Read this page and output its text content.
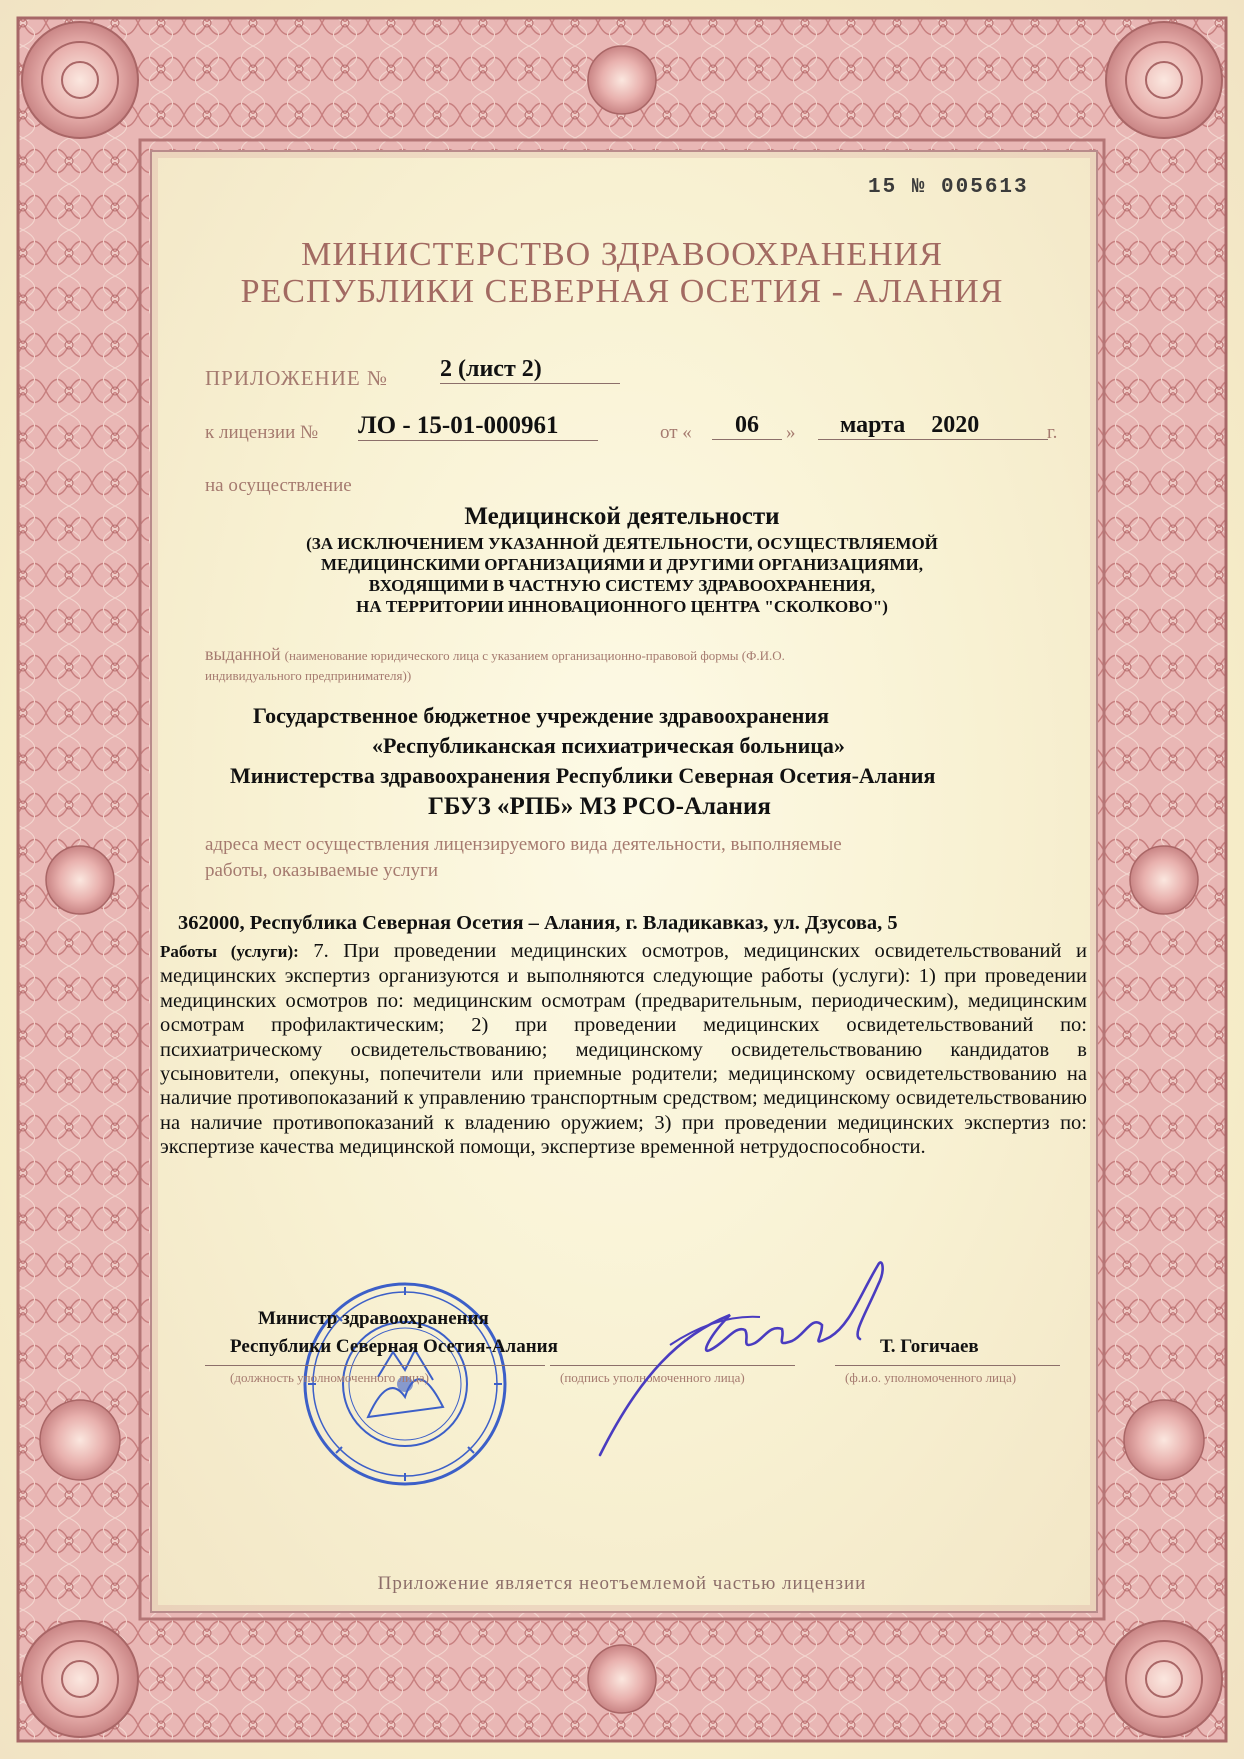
15 № 005613
МИНИСТЕРСТВО ЗДРАВООХРАНЕНИЯ
РЕСПУБЛИКИ СЕВЕРНАЯ ОСЕТИЯ - АЛАНИЯ
ПРИЛОЖЕНИЕ № 2 (лист 2)
к лицензии № ЛО - 15-01-000961	от «	06	»	марта 2020	г.
на осуществление
Медицинской деятельности
(ЗА ИСКЛЮЧЕНИЕМ УКАЗАННОЙ ДЕЯТЕЛЬНОСТИ, ОСУЩЕСТВЛЯЕМОЙ
МЕДИЦИНСКИМИ ОРГАНИЗАЦИЯМИ И ДРУГИМИ ОРГАНИЗАЦИЯМИ,
ВХОДЯЩИМИ В ЧАСТНУЮ СИСТЕМУ ЗДРАВООХРАНЕНИЯ,
НА ТЕРРИТОРИИ ИННОВАЦИОННОГО ЦЕНТРА "СКОЛКОВО")
выданной (наименование юридического лица с указанием организационно-правовой формы (Ф.И.О.
индивидуального предпринимателя))
Государственное бюджетное учреждение здравоохранения
«Республиканская психиатрическая больница»
Министерства здравоохранения Республики Северная Осетия-Алания
ГБУЗ «РПБ» МЗ РСО-Алания
адреса мест осуществления лицензируемого вида деятельности, выполняемые
работы, оказываемые услуги
362000, Республика Северная Осетия – Алания, г. Владикавказ, ул. Дзусова, 5
Работы (услуги): 7. При проведении медицинских осмотров, медицинских освидетельствований и медицинских экспертиз организуются и выполняются следующие работы (услуги): 1) при проведении медицинских осмотров по: медицинским осмотрам (предварительным, периодическим), медицинским осмотрам профилактическим; 2) при проведении медицинских освидетельствований по: психиатрическому освидетельствованию; медицинскому освидетельствованию кандидатов в усыновители, опекуны, попечители или приемные родители; медицинскому освидетельствованию на наличие противопоказаний к управлению транспортным средством; медицинскому освидетельствованию на наличие противопоказаний к владению оружием; 3) при проведении медицинских экспертиз по: экспертизе качества медицинской помощи, экспертизе временной нетрудоспособности.
Министр здравоохранения
Республики Северная Осетия-Алания	Т. Гогичаев
(должность уполномоченного лица)	(подпись уполномоченного лица)	(ф.и.о. уполномоченного лица)
Приложение является неотъемлемой частью лицензии
